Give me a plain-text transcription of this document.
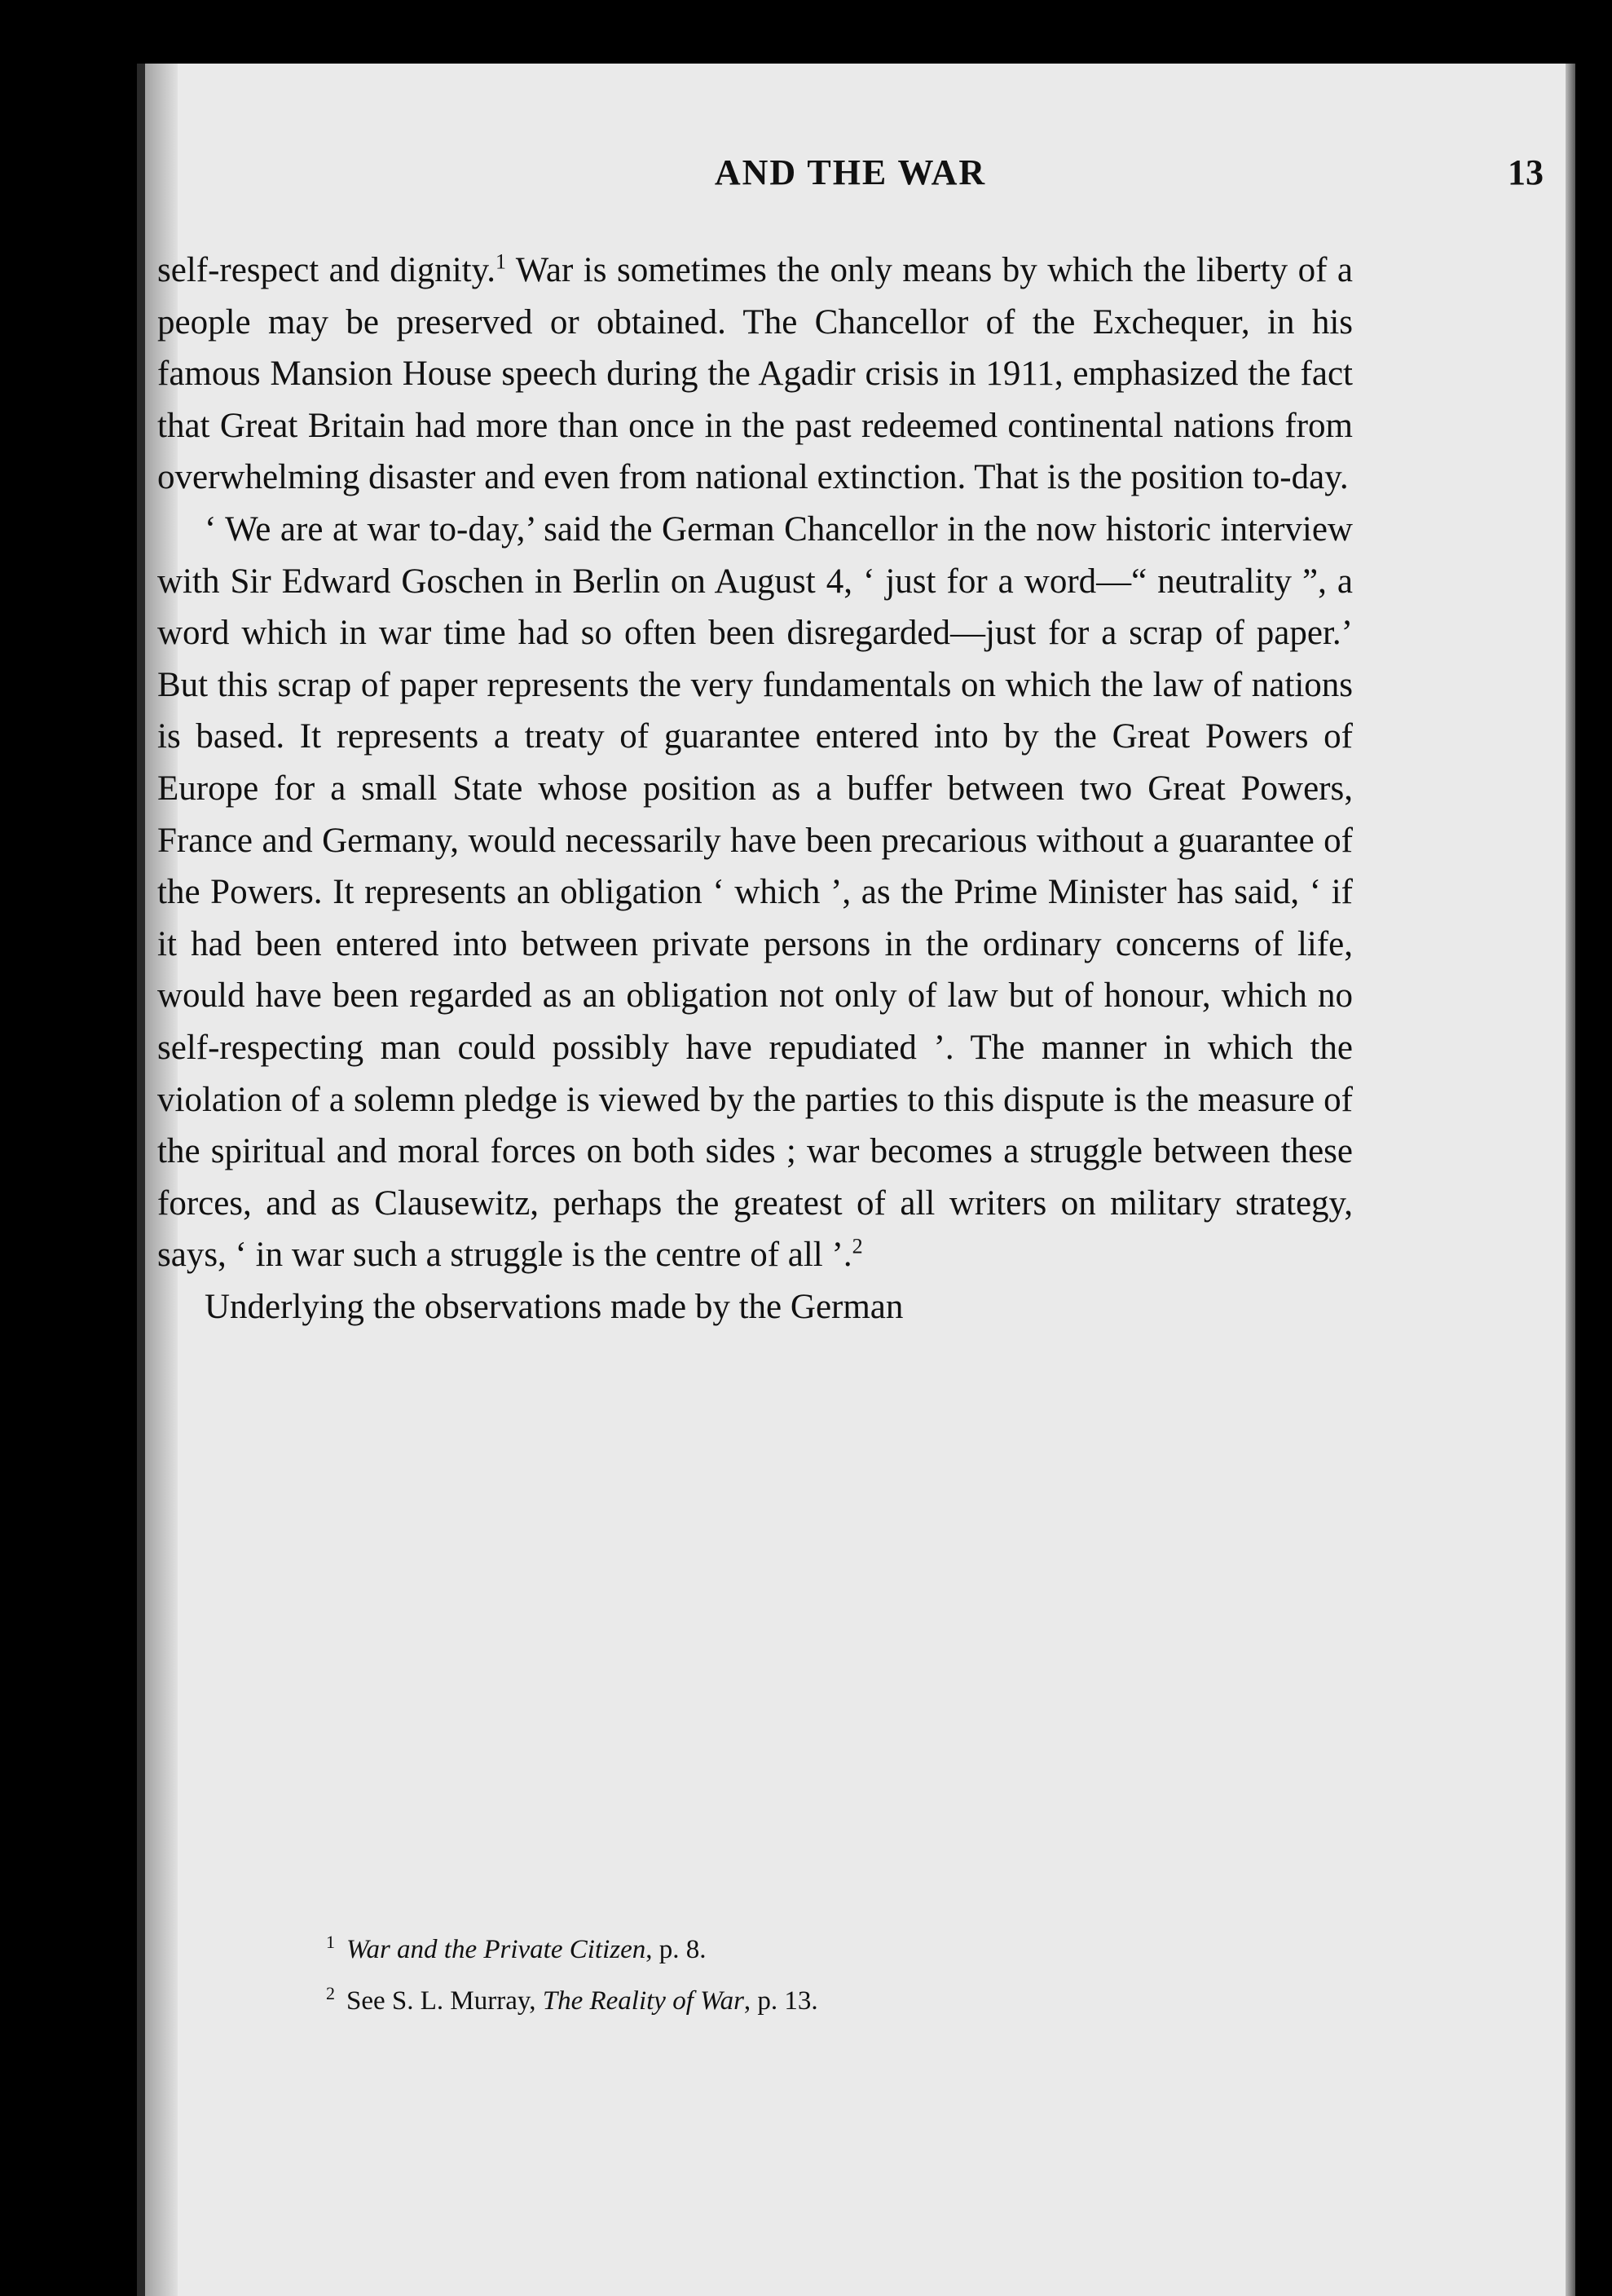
AND THE WAR	13

self-respect and dignity.$^1$ War is sometimes the only means by which the liberty of a people may be preserved or obtained. The Chancellor of the Exchequer, in his famous Mansion House speech during the Agadir crisis in 1911, emphasized the fact that Great Britain had more than once in the past redeemed continental nations from overwhelming disaster and even from national extinction. That is the position to-day.

‘ We are at war to-day,’ said the German Chancellor in the now historic interview with Sir Edward Goschen in Berlin on August 4, ‘ just for a word—“ neutrality ”, a word which in war time had so often been disregarded—just for a scrap of paper.’ But this scrap of paper represents the very fundamentals on which the law of nations is based. It represents a treaty of guarantee entered into by the Great Powers of Europe for a small State whose position as a buffer between two Great Powers, France and Germany, would necessarily have been precarious without a guarantee of the Powers. It represents an obligation ‘ which ’, as the Prime Minister has said, ‘ if it had been entered into between private persons in the ordinary concerns of life, would have been regarded as an obligation not only of law but of honour, which no self-respecting man could possibly have repudiated ’. The manner in which the violation of a solemn pledge is viewed by the parties to this dispute is the measure of the spiritual and moral forces on both sides ; war becomes a struggle between these forces, and as Clausewitz, perhaps the greatest of all writers on military strategy, says, ‘ in war such a struggle is the centre of all ’.$^2$

Underlying the observations made by the German

$^1$ War and the Private Citizen, p. 8.

$^2$ See S. L. Murray, The Reality of War, p. 13.
